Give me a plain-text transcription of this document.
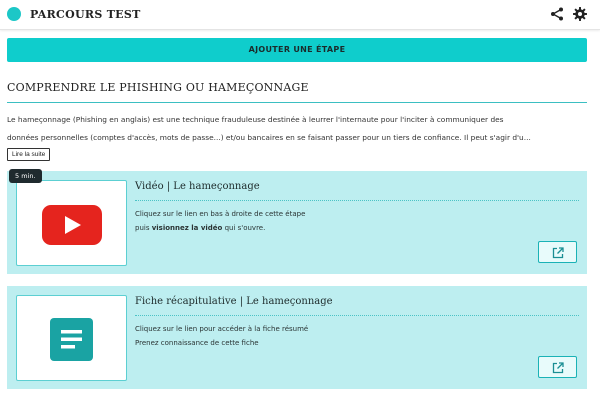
PARCOURS TEST
AJOUTER UNE ÉTAPE
COMPRENDRE LE PHISHING OU HAMEÇONNAGE
Le hameçonnage (Phishing en anglais) est une technique frauduleuse destinée à leurrer l'internaute pour l'inciter à communiquer des
données personnelles (comptes d'accès, mots de passe...) et/ou bancaires en se faisant passer pour un tiers de confiance. Il peut s'agir d'u...
Lire la suite
5 min.
Vidéo | Le hameçonnage
Cliquez sur le lien en bas à droite de cette étape
puis visionnez la vidéo qui s'ouvre.
Fiche récapitulative | Le hameçonnage
Cliquez sur le lien pour accéder à la fiche résumé
Prenez connaissance de cette fiche
